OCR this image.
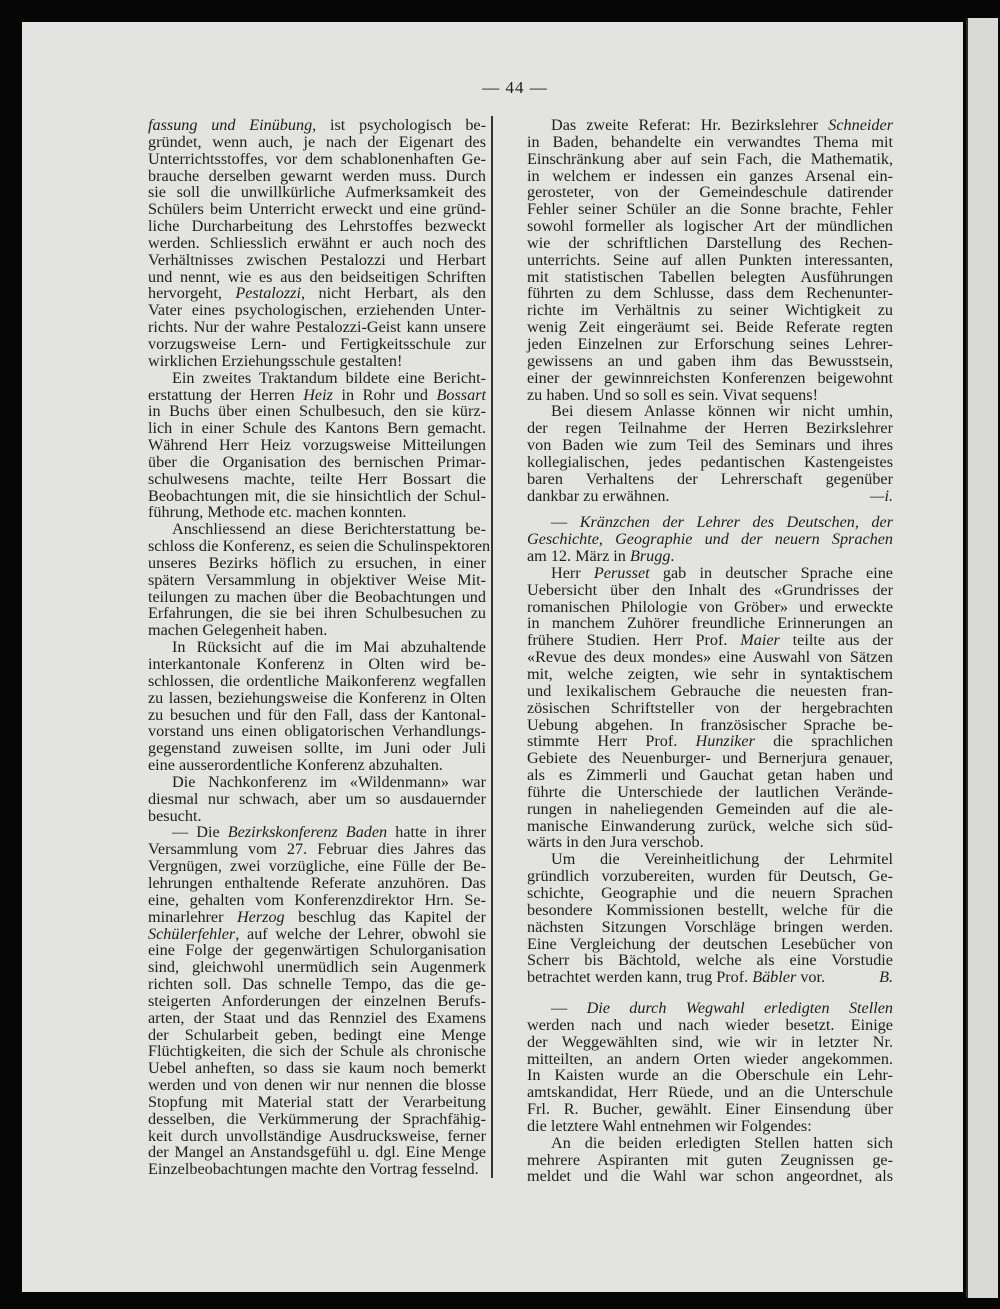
— 44 —
fassung und Einübung, ist psychologisch be-
gründet, wenn auch, je nach der Eigenart des
Unterrichtsstoffes, vor dem schablonenhaften Ge-
brauche derselben gewarnt werden muss. Durch
sie soll die unwillkürliche Aufmerksamkeit des
Schülers beim Unterricht erweckt und eine gründ-
liche Durcharbeitung des Lehrstoffes bezweckt
werden. Schliesslich erwähnt er auch noch des
Verhältnisses zwischen Pestalozzi und Herbart
und nennt, wie es aus den beidseitigen Schriften
hervorgeht, Pestalozzi, nicht Herbart, als den
Vater eines psychologischen, erziehenden Unter-
richts. Nur der wahre Pestalozzi-Geist kann unsere
vorzugsweise Lern- und Fertigkeitsschule zur
wirklichen Erziehungsschule gestalten!
Ein zweites Traktandum bildete eine Bericht-
erstattung der Herren Heiz in Rohr und Bossart
in Buchs über einen Schulbesuch, den sie kürz-
lich in einer Schule des Kantons Bern gemacht.
Während Herr Heiz vorzugsweise Mitteilungen
über die Organisation des bernischen Primar-
schulwesens machte, teilte Herr Bossart die
Beobachtungen mit, die sie hinsichtlich der Schul-
führung, Methode etc. machen konnten.
Anschliessend an diese Berichterstattung be-
schloss die Konferenz, es seien die Schulinspektoren
unseres Bezirks höflich zu ersuchen, in einer
spätern Versammlung in objektiver Weise Mit-
teilungen zu machen über die Beobachtungen und
Erfahrungen, die sie bei ihren Schulbesuchen zu
machen Gelegenheit haben.
In Rücksicht auf die im Mai abzuhaltende
interkantonale Konferenz in Olten wird be-
schlossen, die ordentliche Maikonferenz wegfallen
zu lassen, beziehungsweise die Konferenz in Olten
zu besuchen und für den Fall, dass der Kantonal-
vorstand uns einen obligatorischen Verhandlungs-
gegenstand zuweisen sollte, im Juni oder Juli
eine ausserordentliche Konferenz abzuhalten.
Die Nachkonferenz im «Wildenmann» war
diesmal nur schwach, aber um so ausdauernder
besucht.
— Die Bezirkskonferenz Baden hatte in ihrer
Versammlung vom 27. Februar dies Jahres das
Vergnügen, zwei vorzügliche, eine Fülle der Be-
lehrungen enthaltende Referate anzuhören. Das
eine, gehalten vom Konferenzdirektor Hrn. Se-
minarlehrer Herzog beschlug das Kapitel der
Schülerfehler, auf welche der Lehrer, obwohl sie
eine Folge der gegenwärtigen Schulorganisation
sind, gleichwohl unermüdlich sein Augenmerk
richten soll. Das schnelle Tempo, das die ge-
steigerten Anforderungen der einzelnen Berufs-
arten, der Staat und das Rennziel des Examens
der Schularbeit geben, bedingt eine Menge
Flüchtigkeiten, die sich der Schule als chronische
Uebel anheften, so dass sie kaum noch bemerkt
werden und von denen wir nur nennen die blosse
Stopfung mit Material statt der Verarbeitung
desselben, die Verkümmerung der Sprachfähig-
keit durch unvollständige Ausdrucksweise, ferner
der Mangel an Anstandsgefühl u. dgl. Eine Menge
Einzelbeobachtungen machte den Vortrag fesselnd.
Das zweite Referat: Hr. Bezirkslehrer Schneider
in Baden, behandelte ein verwandtes Thema mit
Einschränkung aber auf sein Fach, die Mathematik,
in welchem er indessen ein ganzes Arsenal ein-
gerosteter, von der Gemeindeschule datirender
Fehler seiner Schüler an die Sonne brachte, Fehler
sowohl formeller als logischer Art der mündlichen
wie der schriftlichen Darstellung des Rechen-
unterrichts. Seine auf allen Punkten interessanten,
mit statistischen Tabellen belegten Ausführungen
führten zu dem Schlusse, dass dem Rechenunter-
richte im Verhältnis zu seiner Wichtigkeit zu
wenig Zeit eingeräumt sei. Beide Referate regten
jeden Einzelnen zur Erforschung seines Lehrer-
gewissens an und gaben ihm das Bewusstsein,
einer der gewinnreichsten Konferenzen beigewohnt
zu haben. Und so soll es sein. Vivat sequens!
Bei diesem Anlasse können wir nicht umhin,
der regen Teilnahme der Herren Bezirkslehrer
von Baden wie zum Teil des Seminars und ihres
kollegialischen, jedes pedantischen Kastengeistes
baren Verhaltens der Lehrerschaft gegenüber
dankbar zu erwähnen.	—i.
— Kränzchen der Lehrer des Deutschen, der
Geschichte, Geographie und der neuern Sprachen
am 12. März in Brugg.
Herr Perusset gab in deutscher Sprache eine
Uebersicht über den Inhalt des «Grundrisses der
romanischen Philologie von Gröber» und erweckte
in manchem Zuhörer freundliche Erinnerungen an
frühere Studien. Herr Prof. Maier teilte aus der
«Revue des deux mondes» eine Auswahl von Sätzen
mit, welche zeigten, wie sehr in syntaktischem
und lexikalischem Gebrauche die neuesten fran-
zösischen Schriftsteller von der hergebrachten
Uebung abgehen. In französischer Sprache be-
stimmte Herr Prof. Hunziker die sprachlichen
Gebiete des Neuenburger- und Bernerjura genauer,
als es Zimmerli und Gauchat getan haben und
führte die Unterschiede der lautlichen Verände-
rungen in naheliegenden Gemeinden auf die ale-
manische Einwanderung zurück, welche sich süd-
wärts in den Jura verschob.
Um die Vereinheitlichung der Lehrmitel
gründlich vorzubereiten, wurden für Deutsch, Ge-
schichte, Geographie und die neuern Sprachen
besondere Kommissionen bestellt, welche für die
nächsten Sitzungen Vorschläge bringen werden.
Eine Vergleichung der deutschen Lesebücher von
Scherr bis Bächtold, welche als eine Vorstudie
betrachtet werden kann, trug Prof. Bäbler vor.	B.
— Die durch Wegwahl erledigten Stellen
werden nach und nach wieder besetzt. Einige
der Weggewählten sind, wie wir in letzter Nr.
mitteilten, an andern Orten wieder angekommen.
In Kaisten wurde an die Oberschule ein Lehr-
amtskandidat, Herr Rüede, und an die Unterschule
Frl. R. Bucher, gewählt. Einer Einsendung über
die letztere Wahl entnehmen wir Folgendes:
An die beiden erledigten Stellen hatten sich
mehrere Aspiranten mit guten Zeugnissen ge-
meldet und die Wahl war schon angeordnet, als
